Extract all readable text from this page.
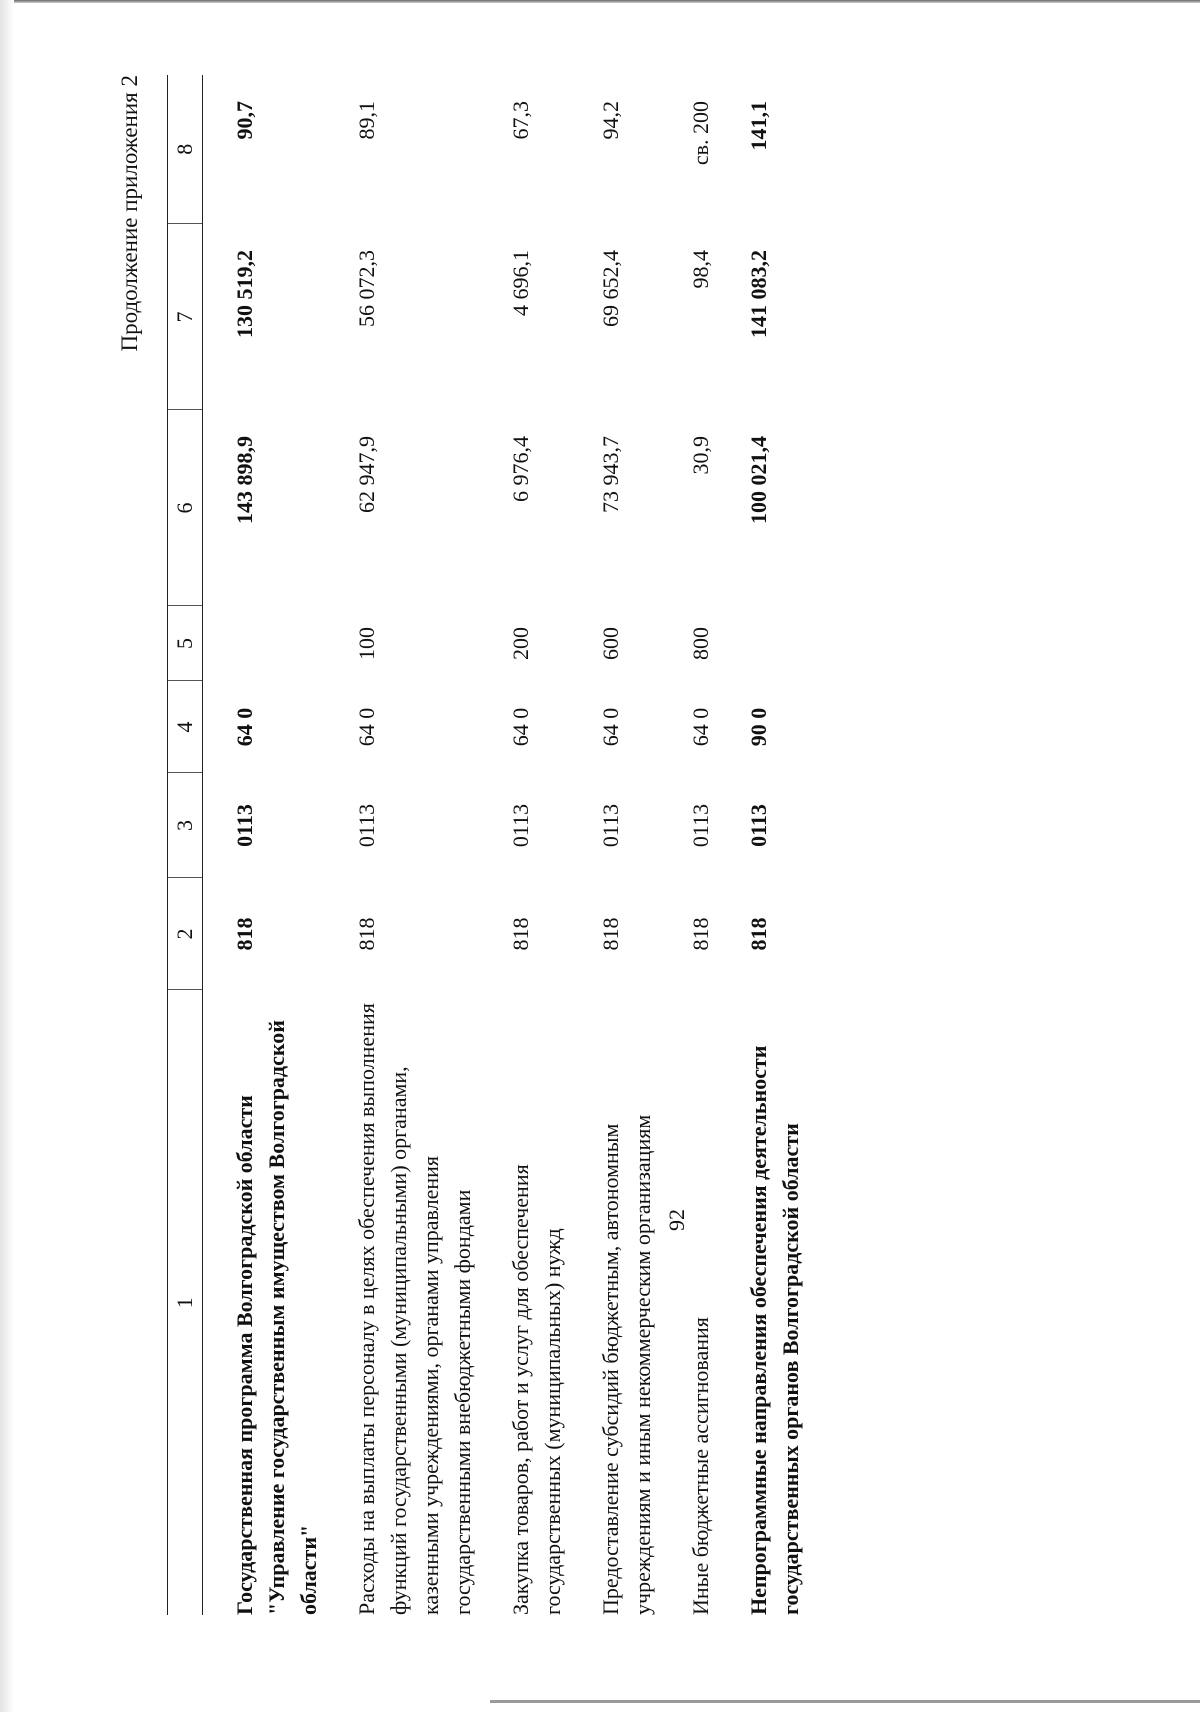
92
Продолжение приложения 2
1	2	3	4	5	6	7	8
Государственная программа Волгоградской области "Управление государственным имуществом Волгоградской области"	818	0113	64 0		143 898,9	130 519,2	90,7
Расходы на выплаты персоналу в целях обеспечения выполнения функций государственными (муниципальными) органами, казенными учреждениями, органами управления государственными внебюджетными фондами	818	0113	64 0	100	62 947,9	56 072,3	89,1
Закупка товаров, работ и услуг для обеспечения государственных (муниципальных) нужд	818	0113	64 0	200	6 976,4	4 696,1	67,3
Предоставление субсидий бюджетным, автономным учреждениям и иным некоммерческим организациям	818	0113	64 0	600	73 943,7	69 652,4	94,2
Иные бюджетные ассигнования	818	0113	64 0	800	30,9	98,4	св. 200
Непрограммные направления обеспечения деятельности государственных органов Волгоградской области	818	0113	90 0		100 021,4	141 083,2	141,1
